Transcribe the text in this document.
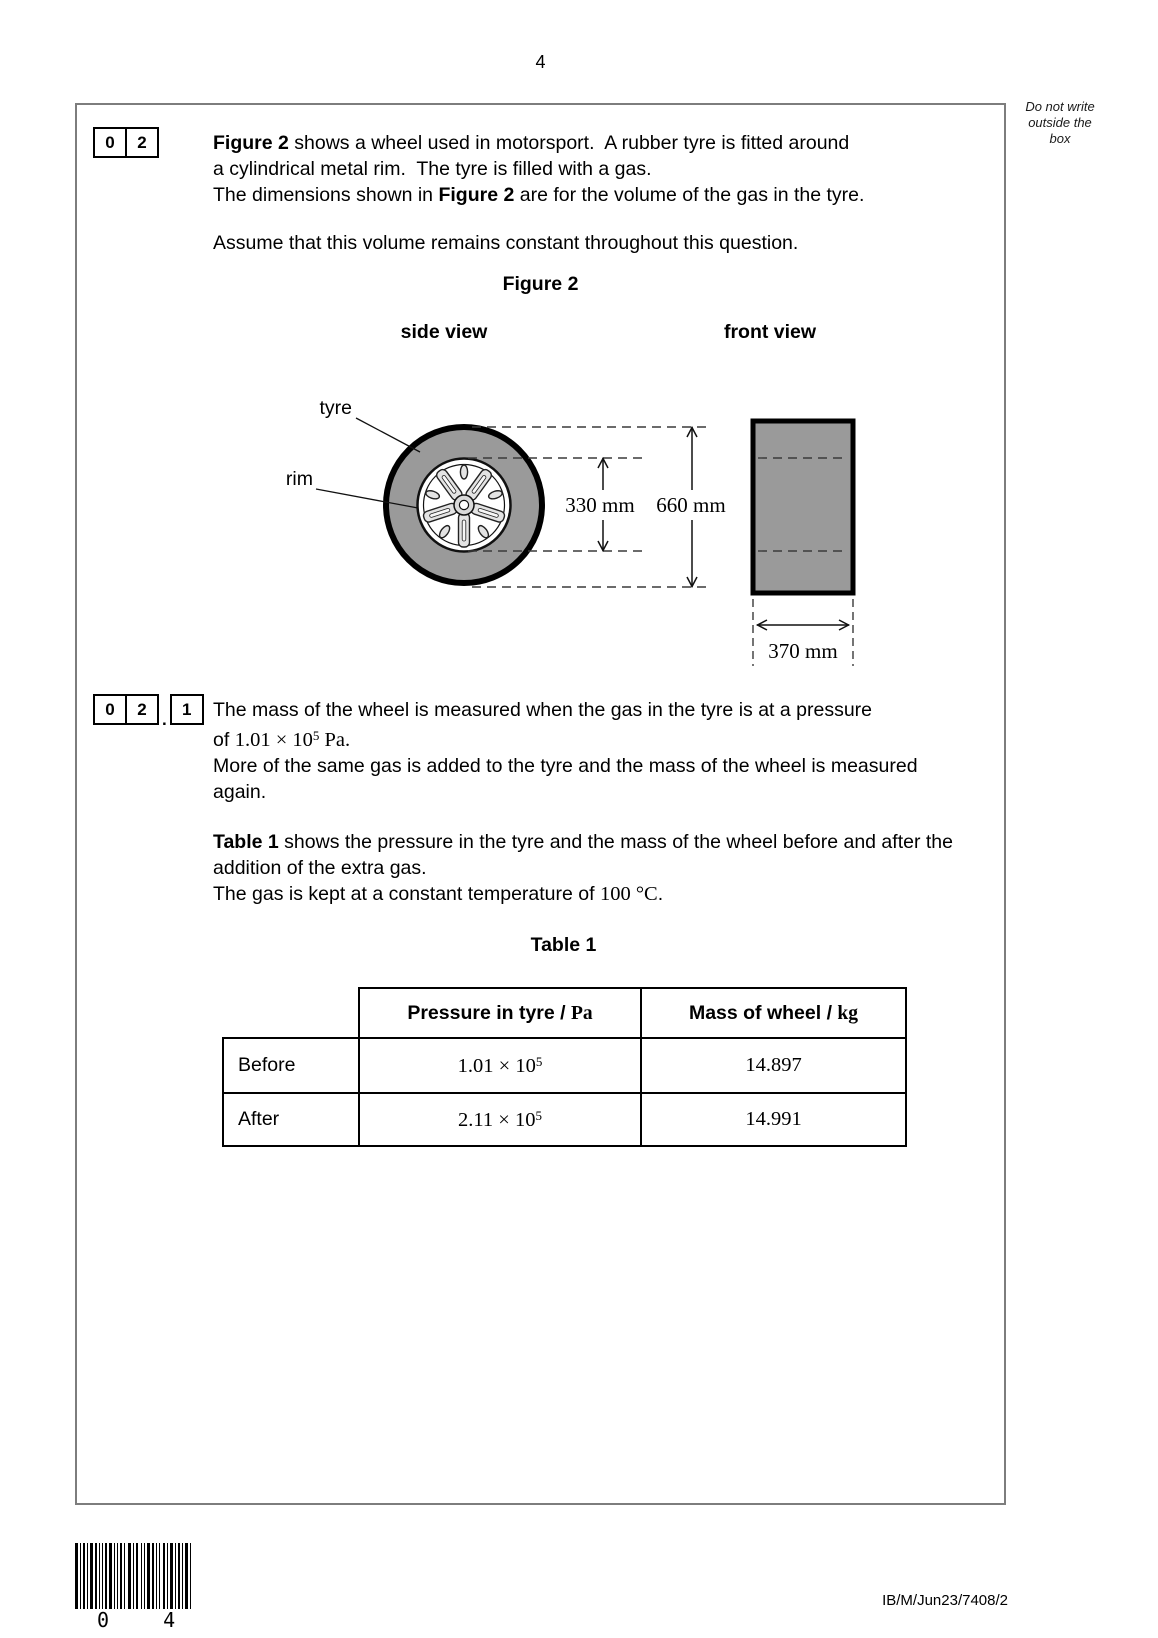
4
Do not write
outside the
box
0	2	Figure 2 shows a wheel used in motorsport.  A rubber tyre is fitted around
a cylindrical metal rim.  The tyre is filled with a gas.
The dimensions shown in Figure 2 are for the volume of the gas in the tyre.
Assume that this volume remains constant throughout this question.
Figure 2
side view	front view
tyre
rim
330 mm 660 mm
370 mm
0	2
.
1	The mass of the wheel is measured when the gas in the tyre is at a pressure
of $1.01 \times 10^5$ Pa.
More of the same gas is added to the tyre and the mass of the wheel is measured
again.
Table 1 shows the pressure in the tyre and the mass of the wheel before and after the
addition of the extra gas.
The gas is kept at a constant temperature of 100 °C.
Table 1
	Pressure in tyre / Pa	Mass of wheel / kg
Before	$1.01 \times 10^5$	14.897
After	$2.11 \times 10^5$	14.991
0 4
IB/M/Jun23/7408/2
